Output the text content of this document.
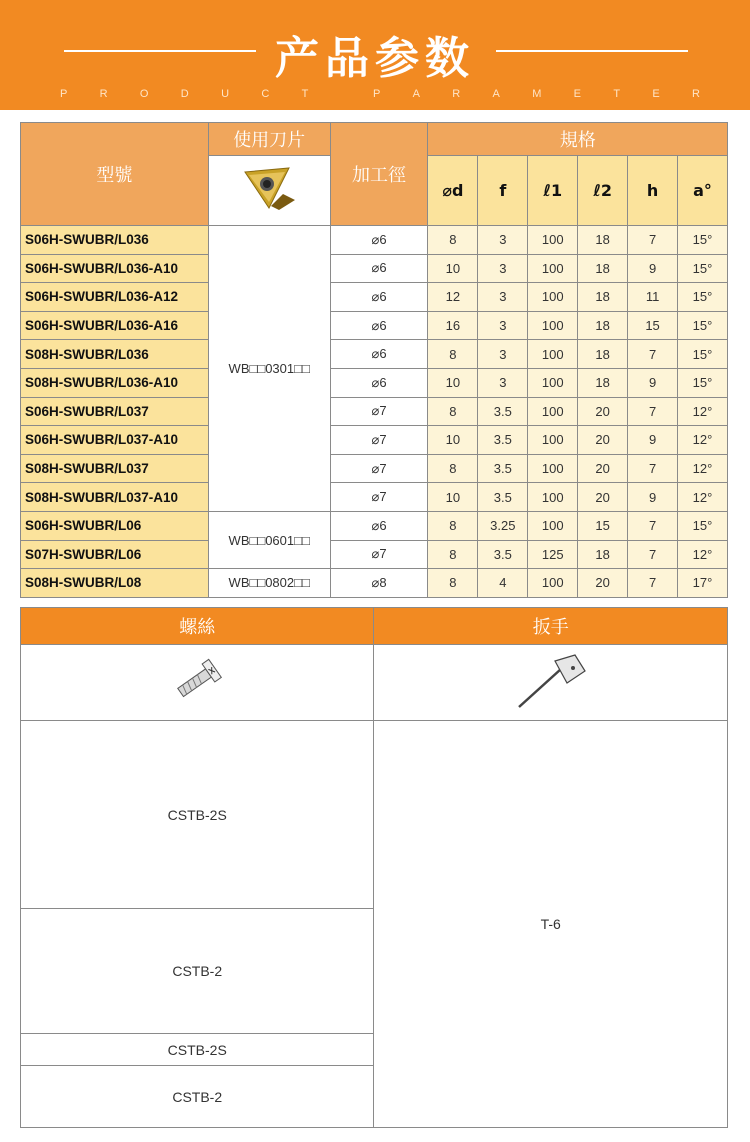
产品参数
P	R	O	D	U	C	T	P	A	R	A	M	E	T	E	R
型號	使用刀片	加工徑	規格					
	⌀d	f	ℓ1	ℓ2	h	a°
S06H-SWUBR/L036	WB□□0301□□	⌀6	8	3	100	18	7	15°
S06H-SWUBR/L036-A10		⌀6	10	3	100	18	9	15°
S06H-SWUBR/L036-A12		⌀6	12	3	100	18	11	15°
S06H-SWUBR/L036-A16		⌀6	16	3	100	18	15	15°
S08H-SWUBR/L036		⌀6	8	3	100	18	7	15°
S08H-SWUBR/L036-A10		⌀6	10	3	100	18	9	15°
S06H-SWUBR/L037		⌀7	8	3.5	100	20	7	12°
S06H-SWUBR/L037-A10		⌀7	10	3.5	100	20	9	12°
S08H-SWUBR/L037		⌀7	8	3.5	100	20	7	12°
S08H-SWUBR/L037-A10		⌀7	10	3.5	100	20	9	12°
S06H-SWUBR/L06	WB□□0601□□	⌀6	8	3.25	100	15	7	15°
S07H-SWUBR/L06		⌀7	8	3.5	125	18	7	12°
S08H-SWUBR/L08	WB□□0802□□	⌀8	8	4	100	20	7	17°
螺絲	扳手

CSTB-2S	T-6
CSTB-2	
CSTB-2S	
CSTB-2	
